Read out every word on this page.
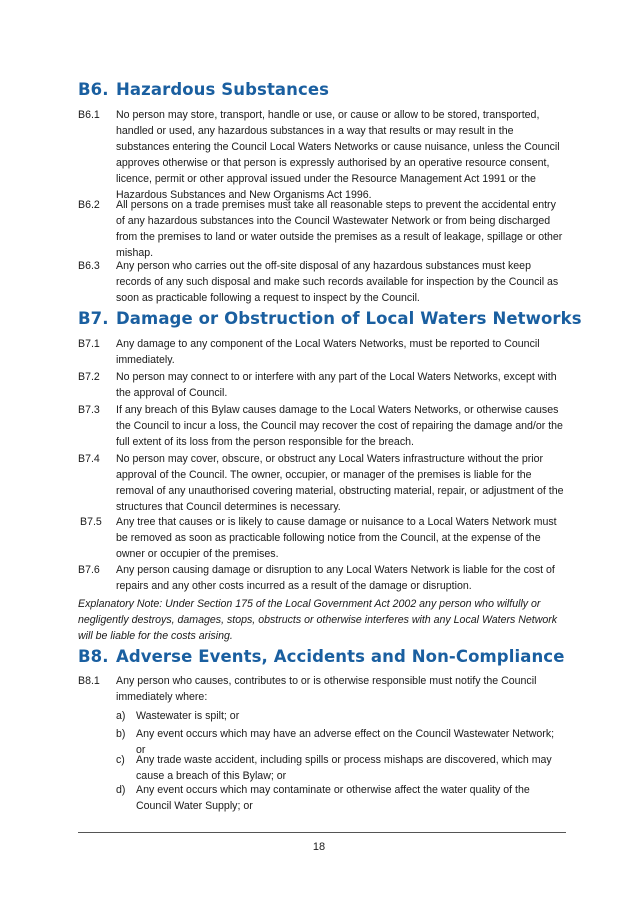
B6. Hazardous Substances
B6.1 No person may store, transport, handle or use, or cause or allow to be stored, transported, handled or used, any hazardous substances in a way that results or may result in the substances entering the Council Local Waters Networks or cause nuisance, unless the Council approves otherwise or that person is expressly authorised by an operative resource consent, licence, permit or other approval issued under the Resource Management Act 1991 or the Hazardous Substances and New Organisms Act 1996.
B6.2 All persons on a trade premises must take all reasonable steps to prevent the accidental entry of any hazardous substances into the Council Wastewater Network or from being discharged from the premises to land or water outside the premises as a result of leakage, spillage or other mishap.
B6.3 Any person who carries out the off-site disposal of any hazardous substances must keep records of any such disposal and make such records available for inspection by the Council as soon as practicable following a request to inspect by the Council.
B7. Damage or Obstruction of Local Waters Networks
B7.1 Any damage to any component of the Local Waters Networks, must be reported to Council immediately.
B7.2 No person may connect to or interfere with any part of the Local Waters Networks, except with the approval of Council.
B7.3 If any breach of this Bylaw causes damage to the Local Waters Networks, or otherwise causes the Council to incur a loss, the Council may recover the cost of repairing the damage and/or the full extent of its loss from the person responsible for the breach.
B7.4 No person may cover, obscure, or obstruct any Local Waters infrastructure without the prior approval of the Council. The owner, occupier, or manager of the premises is liable for the removal of any unauthorised covering material, obstructing material, repair, or adjustment of the structures that Council determines is necessary.
B7.5 Any tree that causes or is likely to cause damage or nuisance to a Local Waters Network must be removed as soon as practicable following notice from the Council, at the expense of the owner or occupier of the premises.
B7.6 Any person causing damage or disruption to any Local Waters Network is liable for the cost of repairs and any other costs incurred as a result of the damage or disruption.
Explanatory Note: Under Section 175 of the Local Government Act 2002 any person who wilfully or negligently destroys, damages, stops, obstructs or otherwise interferes with any Local Waters Network will be liable for the costs arising.
B8. Adverse Events, Accidents and Non-Compliance
B8.1 Any person who causes, contributes to or is otherwise responsible must notify the Council immediately where:
a) Wastewater is spilt; or
b) Any event occurs which may have an adverse effect on the Council Wastewater Network; or
c) Any trade waste accident, including spills or process mishaps are discovered, which may cause a breach of this Bylaw; or
d) Any event occurs which may contaminate or otherwise affect the water quality of the Council Water Supply; or
18
